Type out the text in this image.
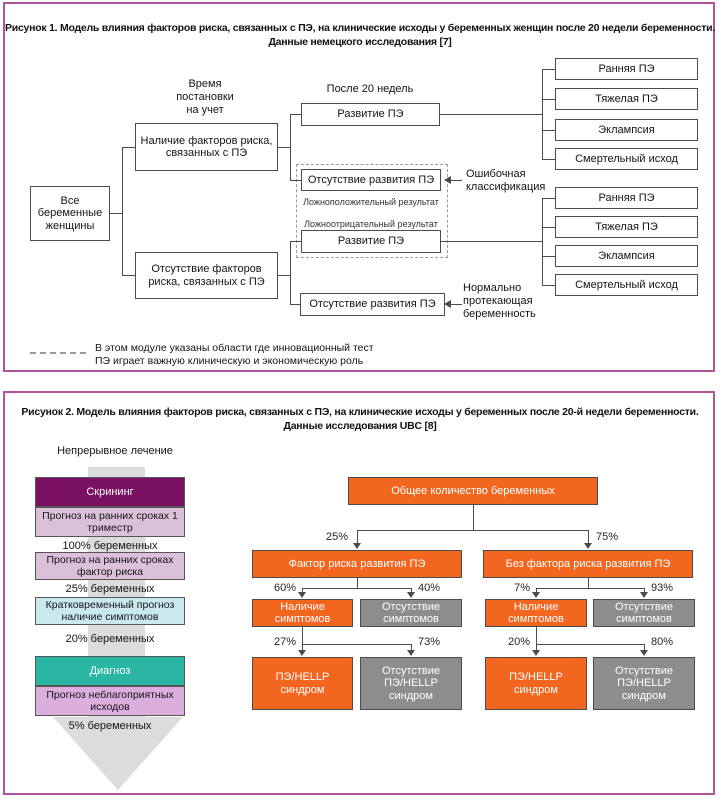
Рисунок 1. Модель влияния факторов риска, связанных с ПЭ, на клинические исходы у беременных женщин после 20 недели беременности.
Данные немецкого исследования [7]
Время постановки на учет
После 20 недель
Все беременные женщины
Наличие факторов риска, связанных с ПЭ
Отсутствие факторов риска, связанных с ПЭ
Развитие ПЭ
Отсутствие развития ПЭ
Ложноположительный результат
Ложноотрицательный результат
Развитие ПЭ
Отсутствие развития ПЭ
Ошибочная классификация
Нормально протекающая беременность
Ранняя ПЭ
Тяжелая ПЭ
Эклампсия
Смертельный исход
Ранняя ПЭ
Тяжелая ПЭ
Эклампсия
Смертельный исход
В этом модуле указаны области где инновационный тест
ПЭ играет важную клиническую и экономическую роль
Рисунок 2. Модель влияния факторов риска, связанных с ПЭ, на клинические исходы у беременных после 20-й недели беременности.
Данные исследования UBC [8]
Непрерывное лечение
Скрининг
Прогноз на ранних сроках 1 триместр
100% беременных
Прогноз на ранних сроках фактор риска
25% беременных
Кратковременный прогноз наличие симптомов
20% беременных
Диагноз
Прогноз неблагоприятных исходов
5% беременных
Общее количество беременных
25%	75%
Фактор риска развития ПЭ	Без фактора риска развития ПЭ
60%	40%	7%	93%
Наличие симптомов
Отсутствие симптомов
Наличие симптомов
Отсутствие симптомов
27%	73%	20%	80%
ПЭ/HELLP синдром
Отсутствие ПЭ/HELLP синдром
ПЭ/HELLP синдром
Отсутствие ПЭ/HELLP синдром
